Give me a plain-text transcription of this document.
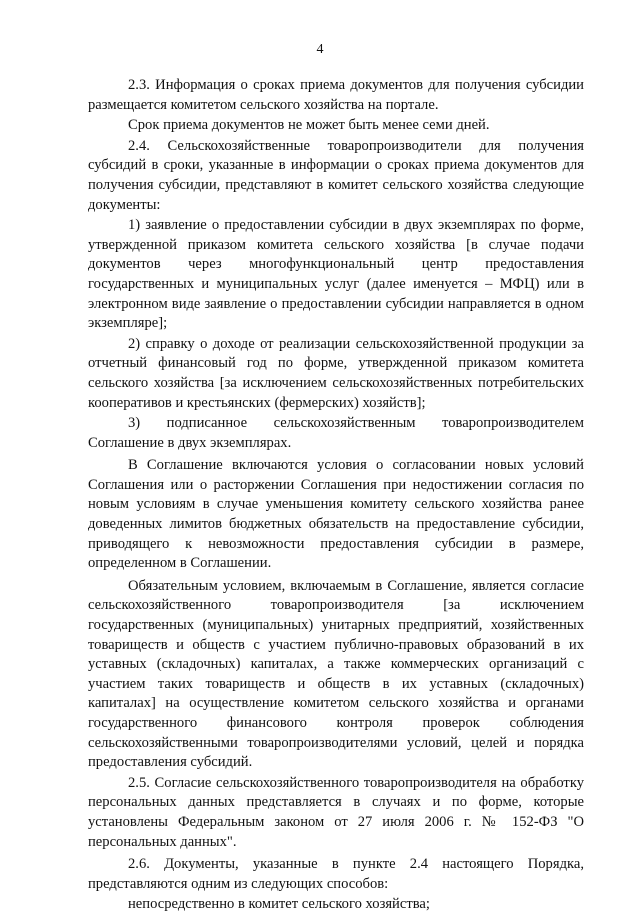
4

2.3. Информация о сроках приема документов для получения субсидии размещается комитетом сельского хозяйства на портале.

Срок приема документов не может быть менее семи дней.

2.4. Сельскохозяйственные товаропроизводители для получения субсидий в сроки, указанные в информации о сроках приема документов для получения субсидии, представляют в комитет сельского хозяйства следующие документы:

1) заявление о предоставлении субсидии в двух экземплярах по форме, утвержденной приказом комитета сельского хозяйства [в случае подачи документов через многофункциональный центр предоставления государственных и муниципальных услуг (далее именуется – МФЦ) или в электронном виде заявление о предоставлении субсидии направляется в одном экземпляре];

2) справку о доходе от реализации сельскохозяйственной продукции за отчетный финансовый год по форме, утвержденной приказом комитета сельского хозяйства [за исключением сельскохозяйственных потребительских кооперативов и крестьянских (фермерских) хозяйств];

3) подписанное сельскохозяйственным товаропроизводителем Соглашение в двух экземплярах.

В Соглашение включаются условия о согласовании новых условий Соглашения или о расторжении Соглашения при недостижении согласия по новым условиям в случае уменьшения комитету сельского хозяйства ранее доведенных лимитов бюджетных обязательств на предоставление субсидии, приводящего к невозможности предоставления субсидии в размере, определенном в Соглашении.

Обязательным условием, включаемым в Соглашение, является согласие сельскохозяйственного товаропроизводителя [за исключением государственных (муниципальных) унитарных предприятий, хозяйственных товариществ и обществ с участием публично-правовых образований в их уставных (складочных) капиталах, а также коммерческих организаций с участием таких товариществ и обществ в их уставных (складочных) капиталах] на осуществление комитетом сельского хозяйства и органами государственного финансового контроля проверок соблюдения сельскохозяйственными товаропроизводителями условий, целей и порядка предоставления субсидий.

2.5. Согласие сельскохозяйственного товаропроизводителя на обработку персональных данных представляется в случаях и по форме, которые установлены Федеральным законом от 27 июля 2006 г. № 152-ФЗ "О персональных данных".

2.6. Документы, указанные в пункте 2.4 настоящего Порядка, представляются одним из следующих способов:

непосредственно в комитет сельского хозяйства;
